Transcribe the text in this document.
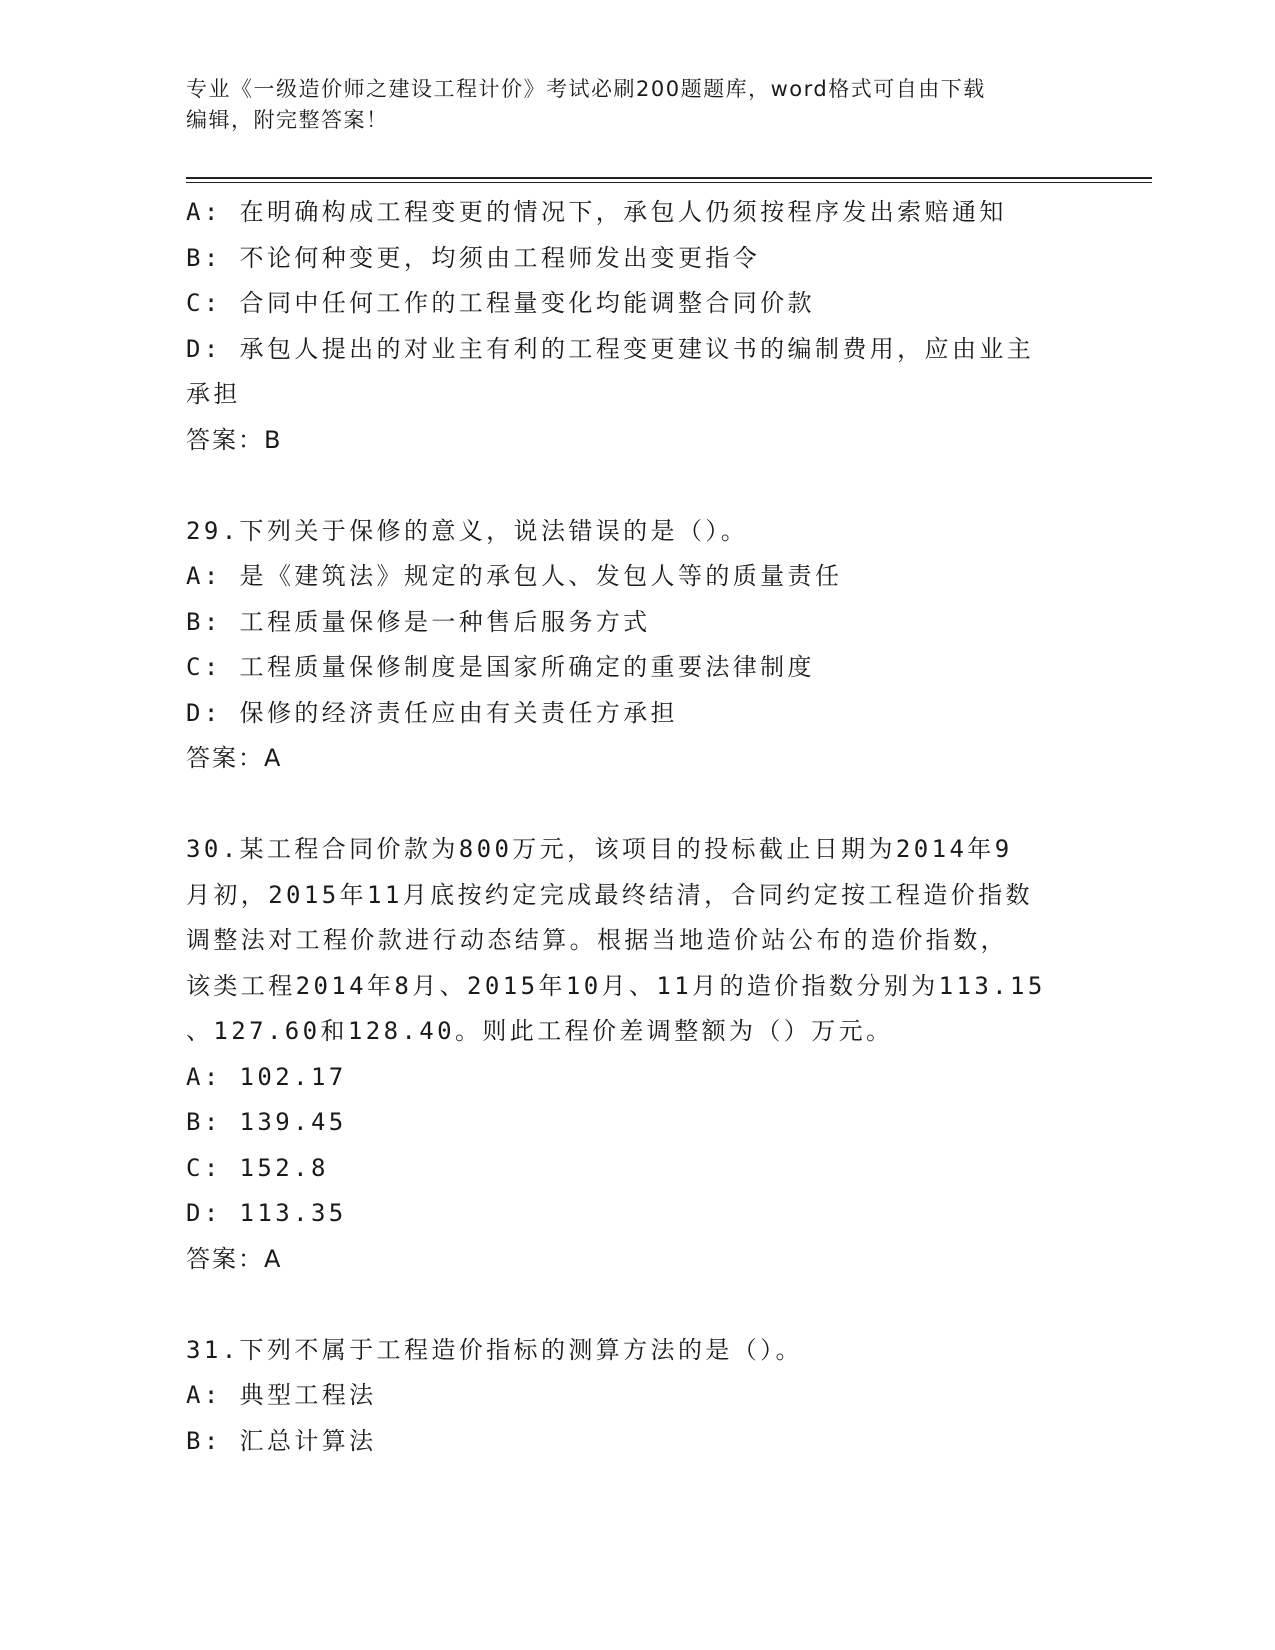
专业《一级造价师之建设工程计价》考试必刷200题题库，word格式可自由下载
编辑，附完整答案！
A: 在明确构成工程变更的情况下，承包人仍须按程序发出索赔通知
B: 不论何种变更，均须由工程师发出变更指令
C: 合同中任何工作的工程量变化均能调整合同价款
D: 承包人提出的对业主有利的工程变更建议书的编制费用，应由业主
承担
答案：B
29.下列关于保修的意义，说法错误的是（）。
A: 是《建筑法》规定的承包人、发包人等的质量责任
B: 工程质量保修是一种售后服务方式
C: 工程质量保修制度是国家所确定的重要法律制度
D: 保修的经济责任应由有关责任方承担
答案：A
30.某工程合同价款为800万元，该项目的投标截止日期为2014年9
月初，2015年11月底按约定完成最终结清，合同约定按工程造价指数
调整法对工程价款进行动态结算。根据当地造价站公布的造价指数，
该类工程2014年8月、2015年10月、11月的造价指数分别为113.15
、127.60和128.40。则此工程价差调整额为（）万元。
A: 102.17
B: 139.45
C: 152.8
D: 113.35
答案：A
31.下列不属于工程造价指标的测算方法的是（）。
A: 典型工程法
B: 汇总计算法
